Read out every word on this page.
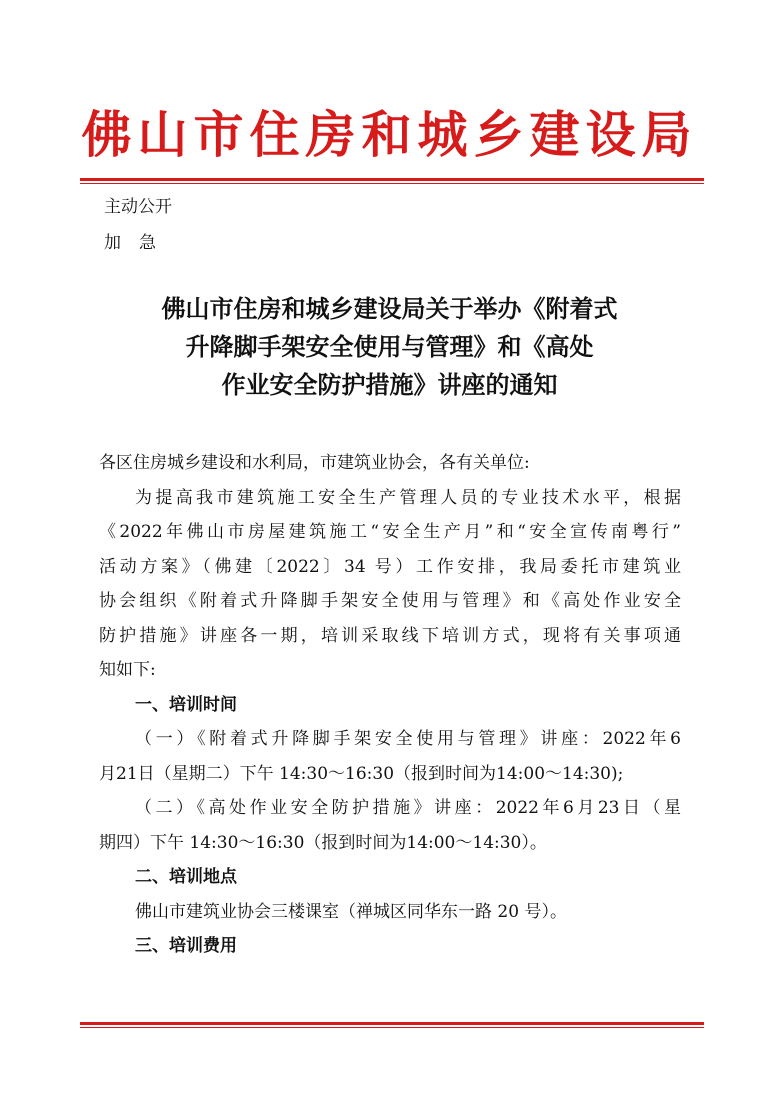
佛山市住房和城乡建设局
主动公开
加急
佛山市住房和城乡建设局关于举办《附着式
升降脚手架安全使用与管理》和《高处
作业安全防护措施》讲座的通知
各区住房城乡建设和水利局，市建筑业协会，各有关单位:
为提高我市建筑施工安全生产管理人员的专业技术水平，根据
《2022年佛山市房屋建筑施工“安全生产月”和“安全宣传南粤行”
活动方案》（佛建〔2022〕34 号）工作安排，我局委托市建筑业
协会组织《附着式升降脚手架安全使用与管理》和《高处作业安全
防护措施》讲座各一期，培训采取线下培训方式，现将有关事项通
知如下:
一、培训时间
（一）《附着式升降脚手架安全使用与管理》讲座：2022年6
月21日（星期二）下午 14:30～16:30（报到时间为14:00～14:30);
（二）《高处作业安全防护措施》讲座：2022年6月23日（星
期四）下午 14:30～16:30（报到时间为14:00～14:30）。
二、培训地点
佛山市建筑业协会三楼课室（禅城区同华东一路 20 号）。
三、培训费用
